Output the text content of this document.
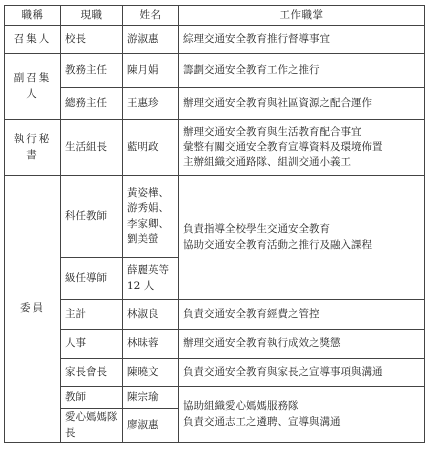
職稱	現職	姓名	工作職掌
召集人	校長	游淑惠	綜理交通安全教育推行督導事宜
副召集人	教務主任	陳月娟	籌劃交通安全教育工作之推行
	總務主任	王惠珍	辦理交通安全教育與社區資源之配合運作
執行秘書	生活組長	藍明政	辦理交通安全教育與生活教育配合事宜
彙整有關交通安全教育宣導資料及環境佈置
主辦組織交通路隊、組訓交通小義工

委員	科任教師	黃姿樺、
游秀娟、
李家卿、
劉美螢	負責指導全校學生交通安全教育
協助交通安全教育活動之推行及融入課程

	級任導師	薛麗英等
12 人	

	主計	林淑良	負責交通安全教育經費之管控
	人事	林昧蓉	辦理交通安全教育執行成效之獎懲
	家長會長	陳曉文	負責交通安全教育與家長之宣導事項與溝通
	教師	陳宗瑜	協助組織愛心媽媽服務隊
負責交通志工之遴聘、宣導與溝通

	愛心媽媽隊長	廖淑惠	
